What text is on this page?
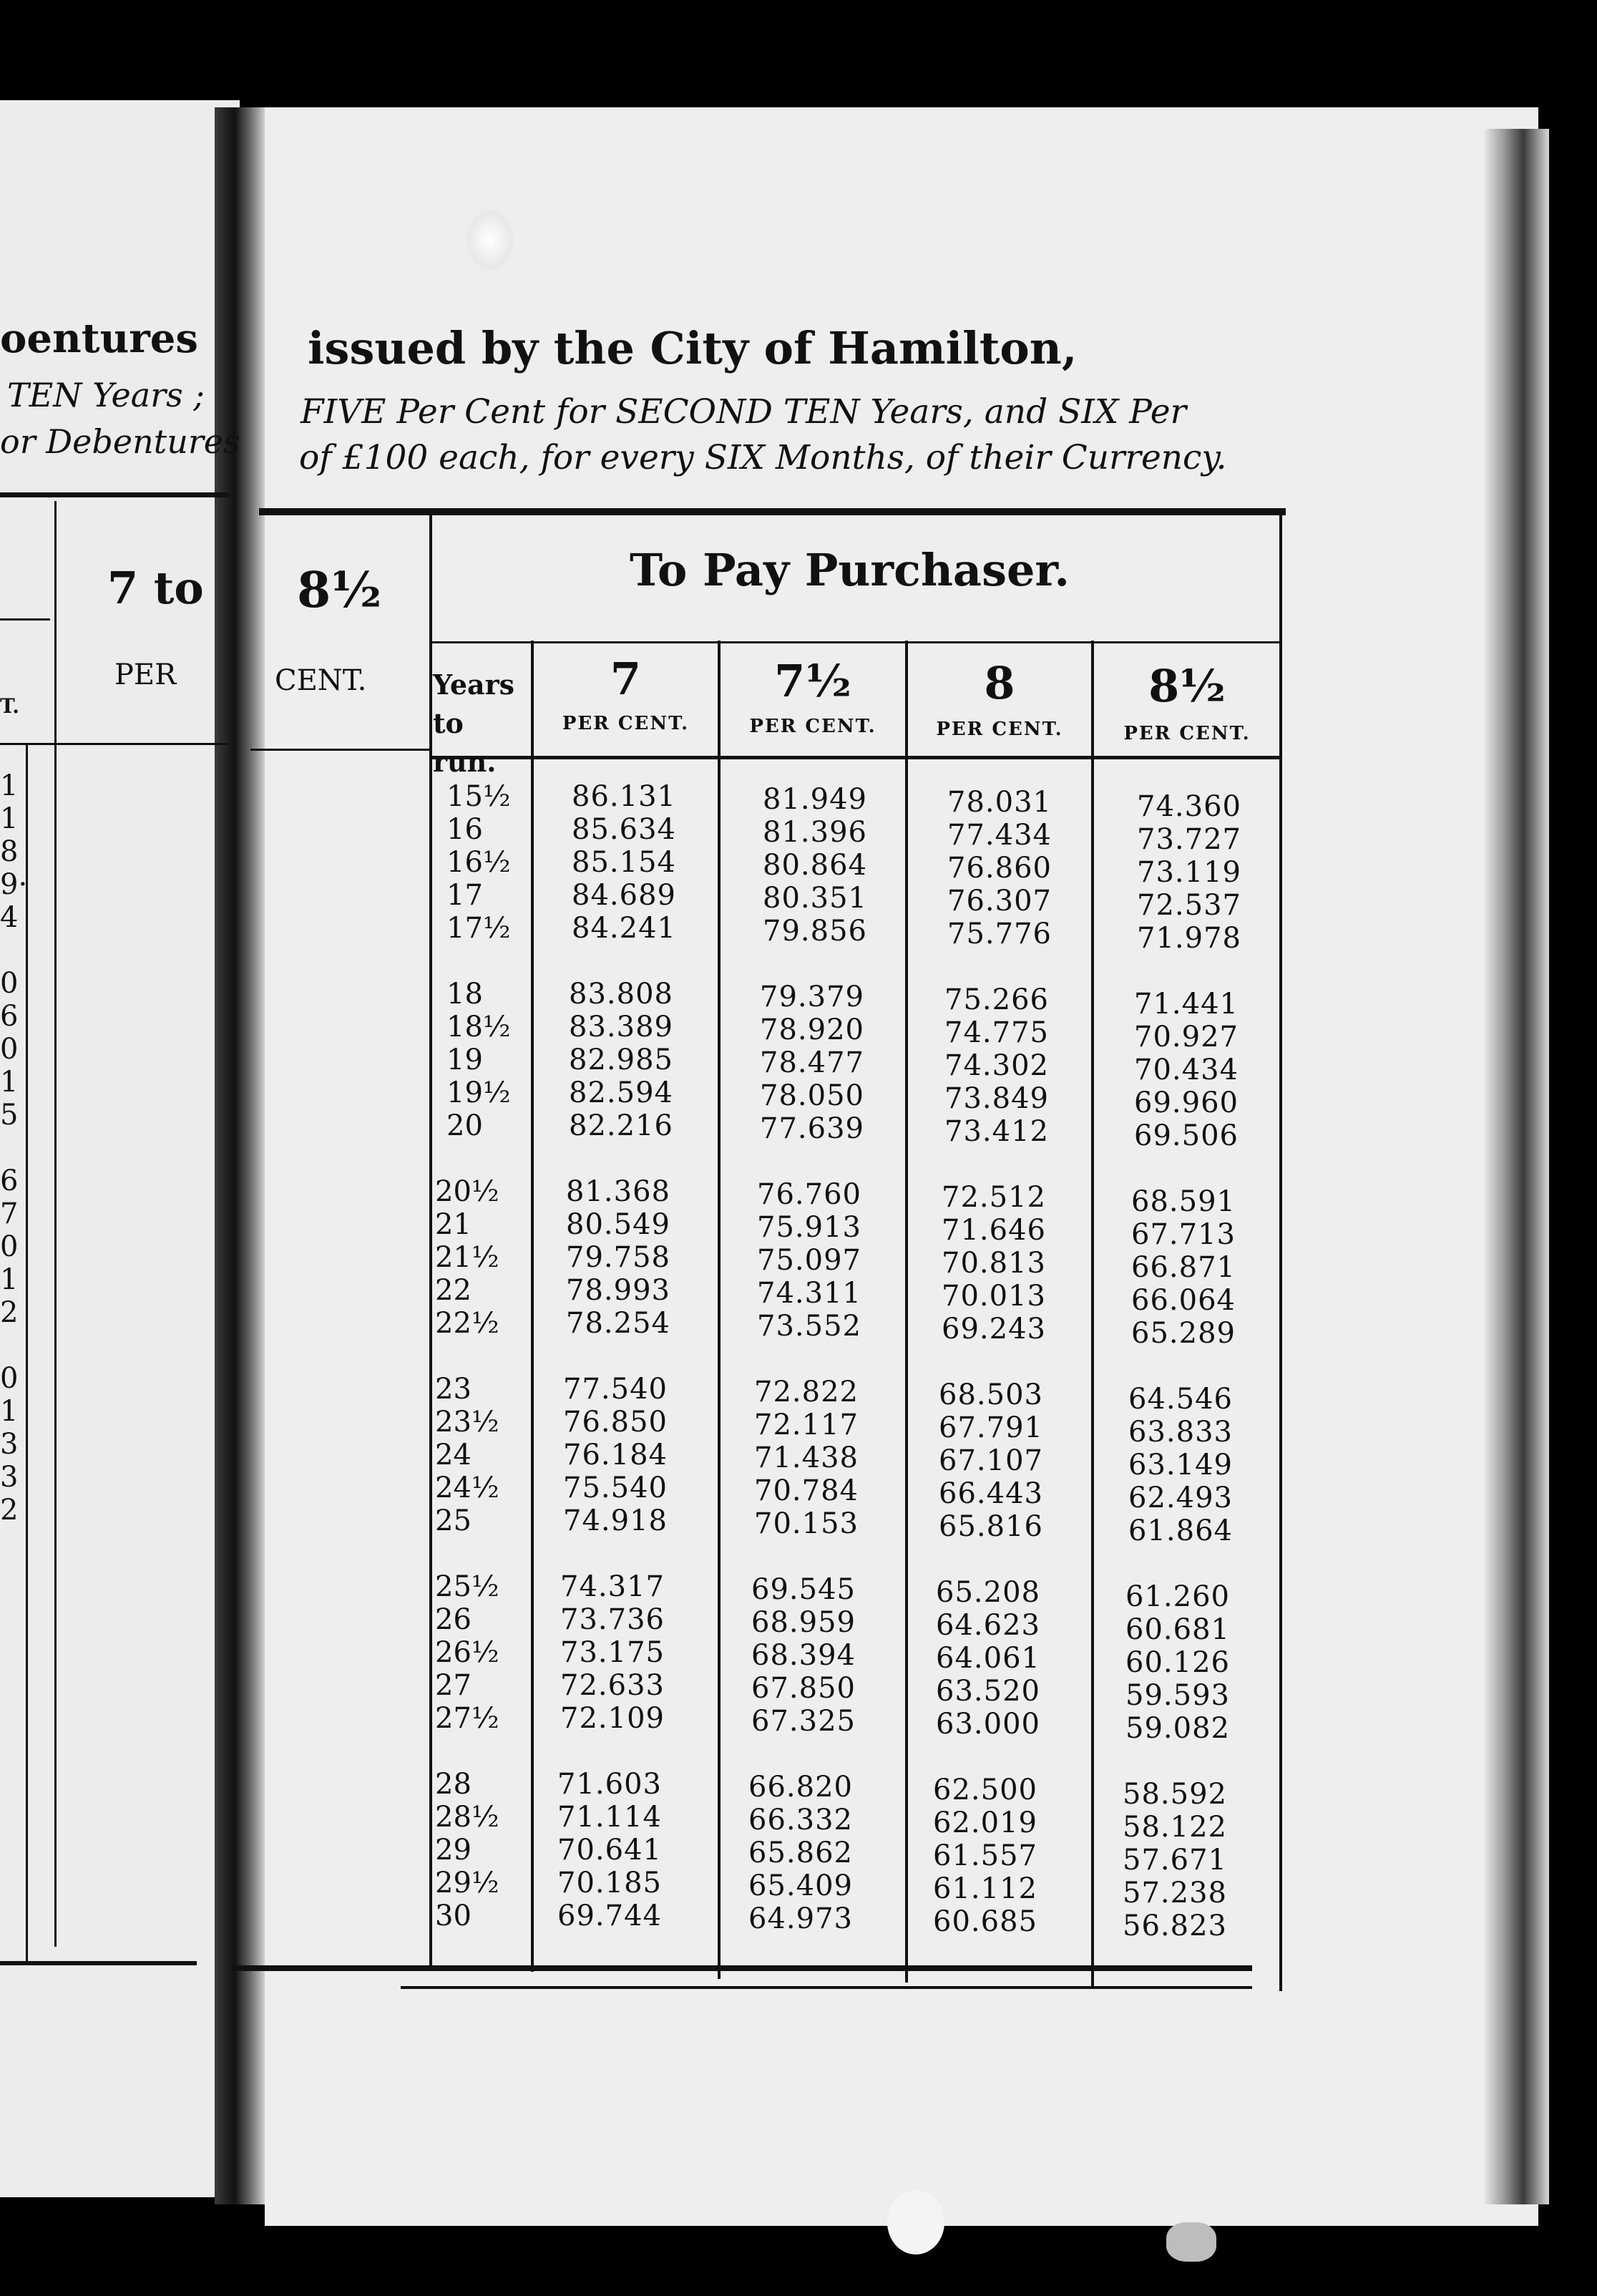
oentures
TEN Years ;
or Debentures
7 to
PER
T.
1
1
8
9·
4
0
6
0
1
5
6
7
0
1
2
0
1
3
3
2
issued by the City of Hamilton,
FIVE Per Cent for SECOND TEN Years, and SIX Per
of £100 each, for every SIX Months, of their Currency.
8½
CENT.
To Pay Purchaser.
Years to run.
7
PER CENT.
7½
PER CENT.
8
PER CENT.
8½
PER CENT.
15½	86.131	81.949	78.031	74.360
16	85.634	81.396	77.434	73.727
16½	85.154	80.864	76.860	73.119
17	84.689	80.351	76.307	72.537
17½	84.241	79.856	75.776	71.978
18	83.808	79.379	75.266	71.441
18½	83.389	78.920	74.775	70.927
19	82.985	78.477	74.302	70.434
19½	82.594	78.050	73.849	69.960
20	82.216	77.639	73.412	69.506
20½	81.368	76.760	72.512	68.591
21	80.549	75.913	71.646	67.713
21½	79.758	75.097	70.813	66.871
22	78.993	74.311	70.013	66.064
22½	78.254	73.552	69.243	65.289
23	77.540	72.822	68.503	64.546
23½	76.850	72.117	67.791	63.833
24	76.184	71.438	67.107	63.149
24½	75.540	70.784	66.443	62.493
25	74.918	70.153	65.816	61.864
25½	74.317	69.545	65.208	61.260
26	73.736	68.959	64.623	60.681
26½	73.175	68.394	64.061	60.126
27	72.633	67.850	63.520	59.593
27½	72.109	67.325	63.000	59.082
28	71.603	66.820	62.500	58.592
28½	71.114	66.332	62.019	58.122
29	70.641	65.862	61.557	57.671
29½	70.185	65.409	61.112	57.238
30	69.744	64.973	60.685	56.823
